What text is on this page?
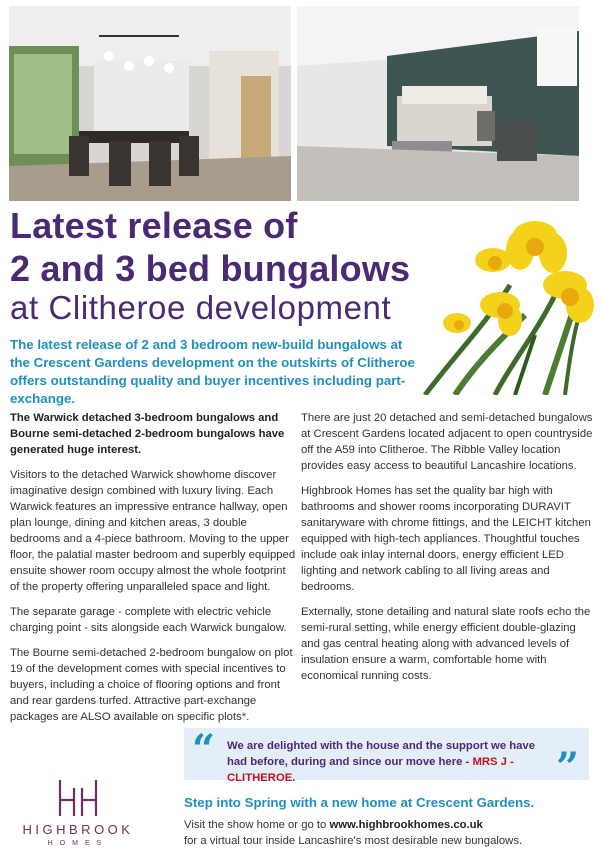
Latest release of
2 and 3 bed bungalows
at Clitheroe development

The latest release of 2 and 3 bedroom new-build bungalows at the Crescent Gardens development on the outskirts of Clitheroe offers outstanding quality and buyer incentives including part-exchange.

The Warwick detached 3-bedroom bungalows and Bourne semi-detached 2-bedroom bungalows have generated huge interest.

Visitors to the detached Warwick showhome discover imaginative design combined with luxury living. Each Warwick features an impressive entrance hallway, open plan lounge, dining and kitchen areas, 3 double bedrooms and a 4-piece bathroom. Moving to the upper floor, the palatial master bedroom and superbly equipped ensuite shower room occupy almost the whole footprint of the property offering unparalleled space and light.

The separate garage - complete with electric vehicle charging point - sits alongside each Warwick bungalow.

The Bourne semi-detached 2-bedroom bungalow on plot 19 of the development comes with special incentives to buyers, including a choice of flooring options and front and rear gardens turfed. Attractive part-exchange packages are ALSO available on specific plots*.

There are just 20 detached and semi-detached bungalows at Crescent Gardens located adjacent to open countryside off the A59 into Clitheroe. The Ribble Valley location provides easy access to beautiful Lancashire locations.

Highbrook Homes has set the quality bar high with bathrooms and shower rooms incorporating DURAVIT sanitaryware with chrome fittings, and the LEICHT kitchen equipped with high-tech appliances. Thoughtful touches include oak inlay internal doors, energy efficient LED lighting and network cabling to all living areas and bedrooms.

Externally, stone detailing and natural slate roofs echo the semi-rural setting, while energy efficient double-glazing and gas central heating along with advanced levels of insulation ensure a warm, comfortable home with economical running costs.

“ We are delighted with the house and the support we have had before, during and since our move here - MRS J - CLITHEROE.	”
HH
HIGHBROOK
HOMES
Step into Spring with a new home at Crescent Gardens.
Visit the show home or go to www.highbrookhomes.co.uk
for a virtual tour inside Lancashire's most desirable new bungalows.
